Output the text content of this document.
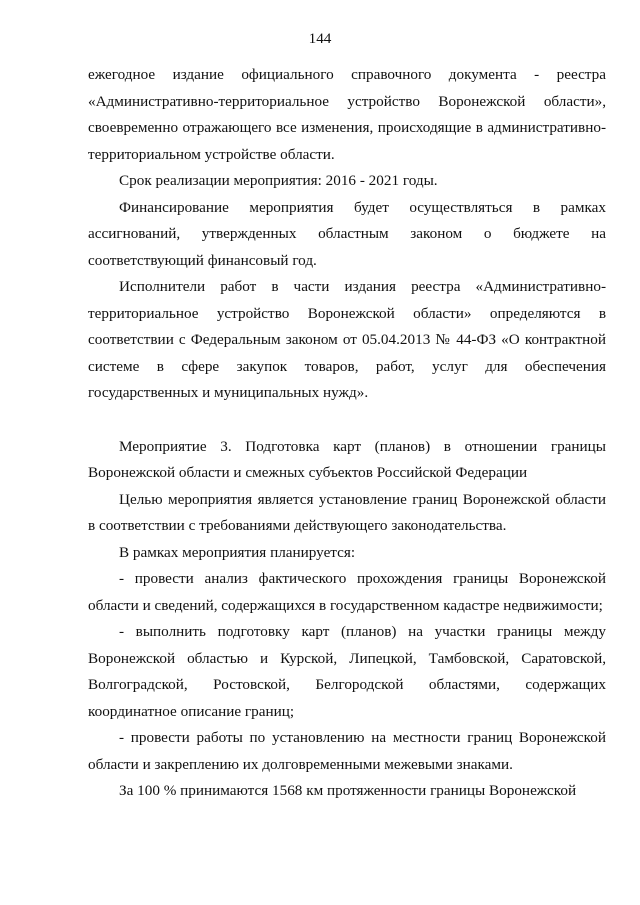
144

ежегодное издание официального справочного документа - реестра «Административно-территориальное устройство Воронежской области», своевременно отражающего все изменения, происходящие в административно-территориальном устройстве области.

Срок реализации мероприятия: 2016 - 2021 годы.

Финансирование мероприятия будет осуществляться в рамках ассигнований, утвержденных областным законом о бюджете на соответствующий финансовый год.

Исполнители работ в части издания реестра «Административно-территориальное устройство Воронежской области» определяются в соответствии с Федеральным законом от 05.04.2013 № 44-ФЗ «О контрактной системе в сфере закупок товаров, работ, услуг для обеспечения государственных и муниципальных нужд».

Мероприятие 3. Подготовка карт (планов) в отношении границы Воронежской области и смежных субъектов Российской Федерации

Целью мероприятия является установление границ Воронежской области в соответствии с требованиями действующего законодательства.

В рамках мероприятия планируется:

- провести анализ фактического прохождения границы Воронежской области и сведений, содержащихся в государственном кадастре недвижимости;

- выполнить подготовку карт (планов) на участки границы между Воронежской областью и Курской, Липецкой, Тамбовской, Саратовской, Волгоградской, Ростовской, Белгородской областями, содержащих координатное описание границ;

- провести работы по установлению на местности границ Воронежской области и закреплению их долговременными межевыми знаками.

За 100 % принимаются 1568 км протяженности границы Воронежской
